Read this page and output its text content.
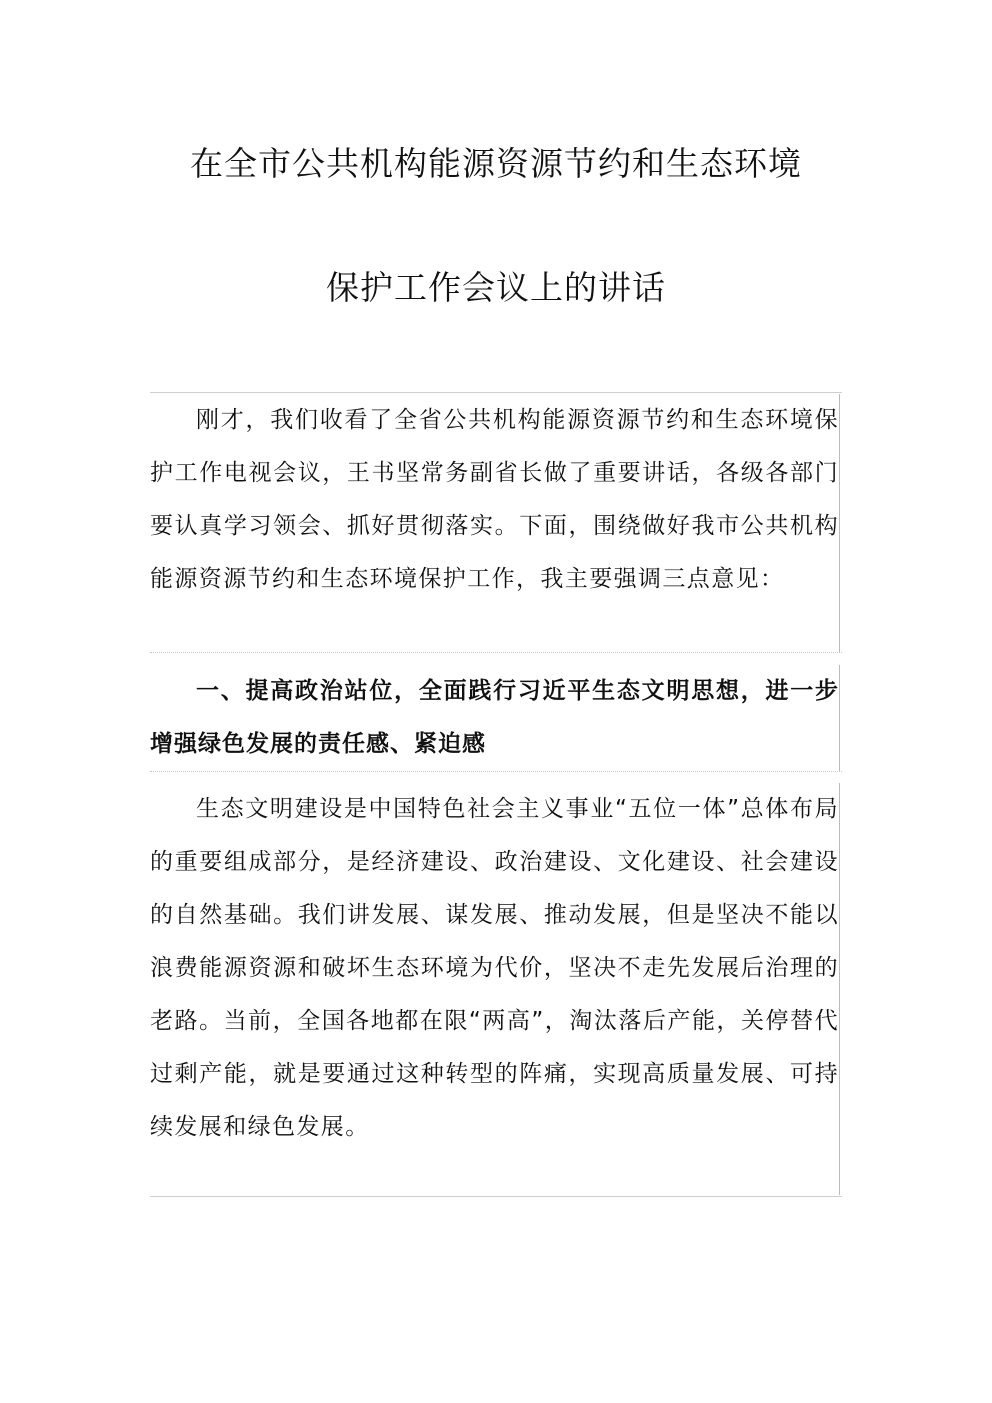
在全市公共机构能源资源节约和生态环境
保护工作会议上的讲话

刚才，我们收看了全省公共机构能源资源节约和生态环境保护工作电视会议，王书坚常务副省长做了重要讲话，各级各部门要认真学习领会、抓好贯彻落实。下面，围绕做好我市公共机构能源资源节约和生态环境保护工作，我主要强调三点意见：

一、提高政治站位，全面践行习近平生态文明思想，进一步增强绿色发展的责任感、紧迫感

生态文明建设是中国特色社会主义事业“五位一体”总体布局的重要组成部分，是经济建设、政治建设、文化建设、社会建设的自然基础。我们讲发展、谋发展、推动发展，但是坚决不能以浪费能源资源和破坏生态环境为代价，坚决不走先发展后治理的老路。当前，全国各地都在限“两高”，淘汰落后产能，关停替代过剩产能，就是要通过这种转型的阵痛，实现高质量发展、可持续发展和绿色发展。
